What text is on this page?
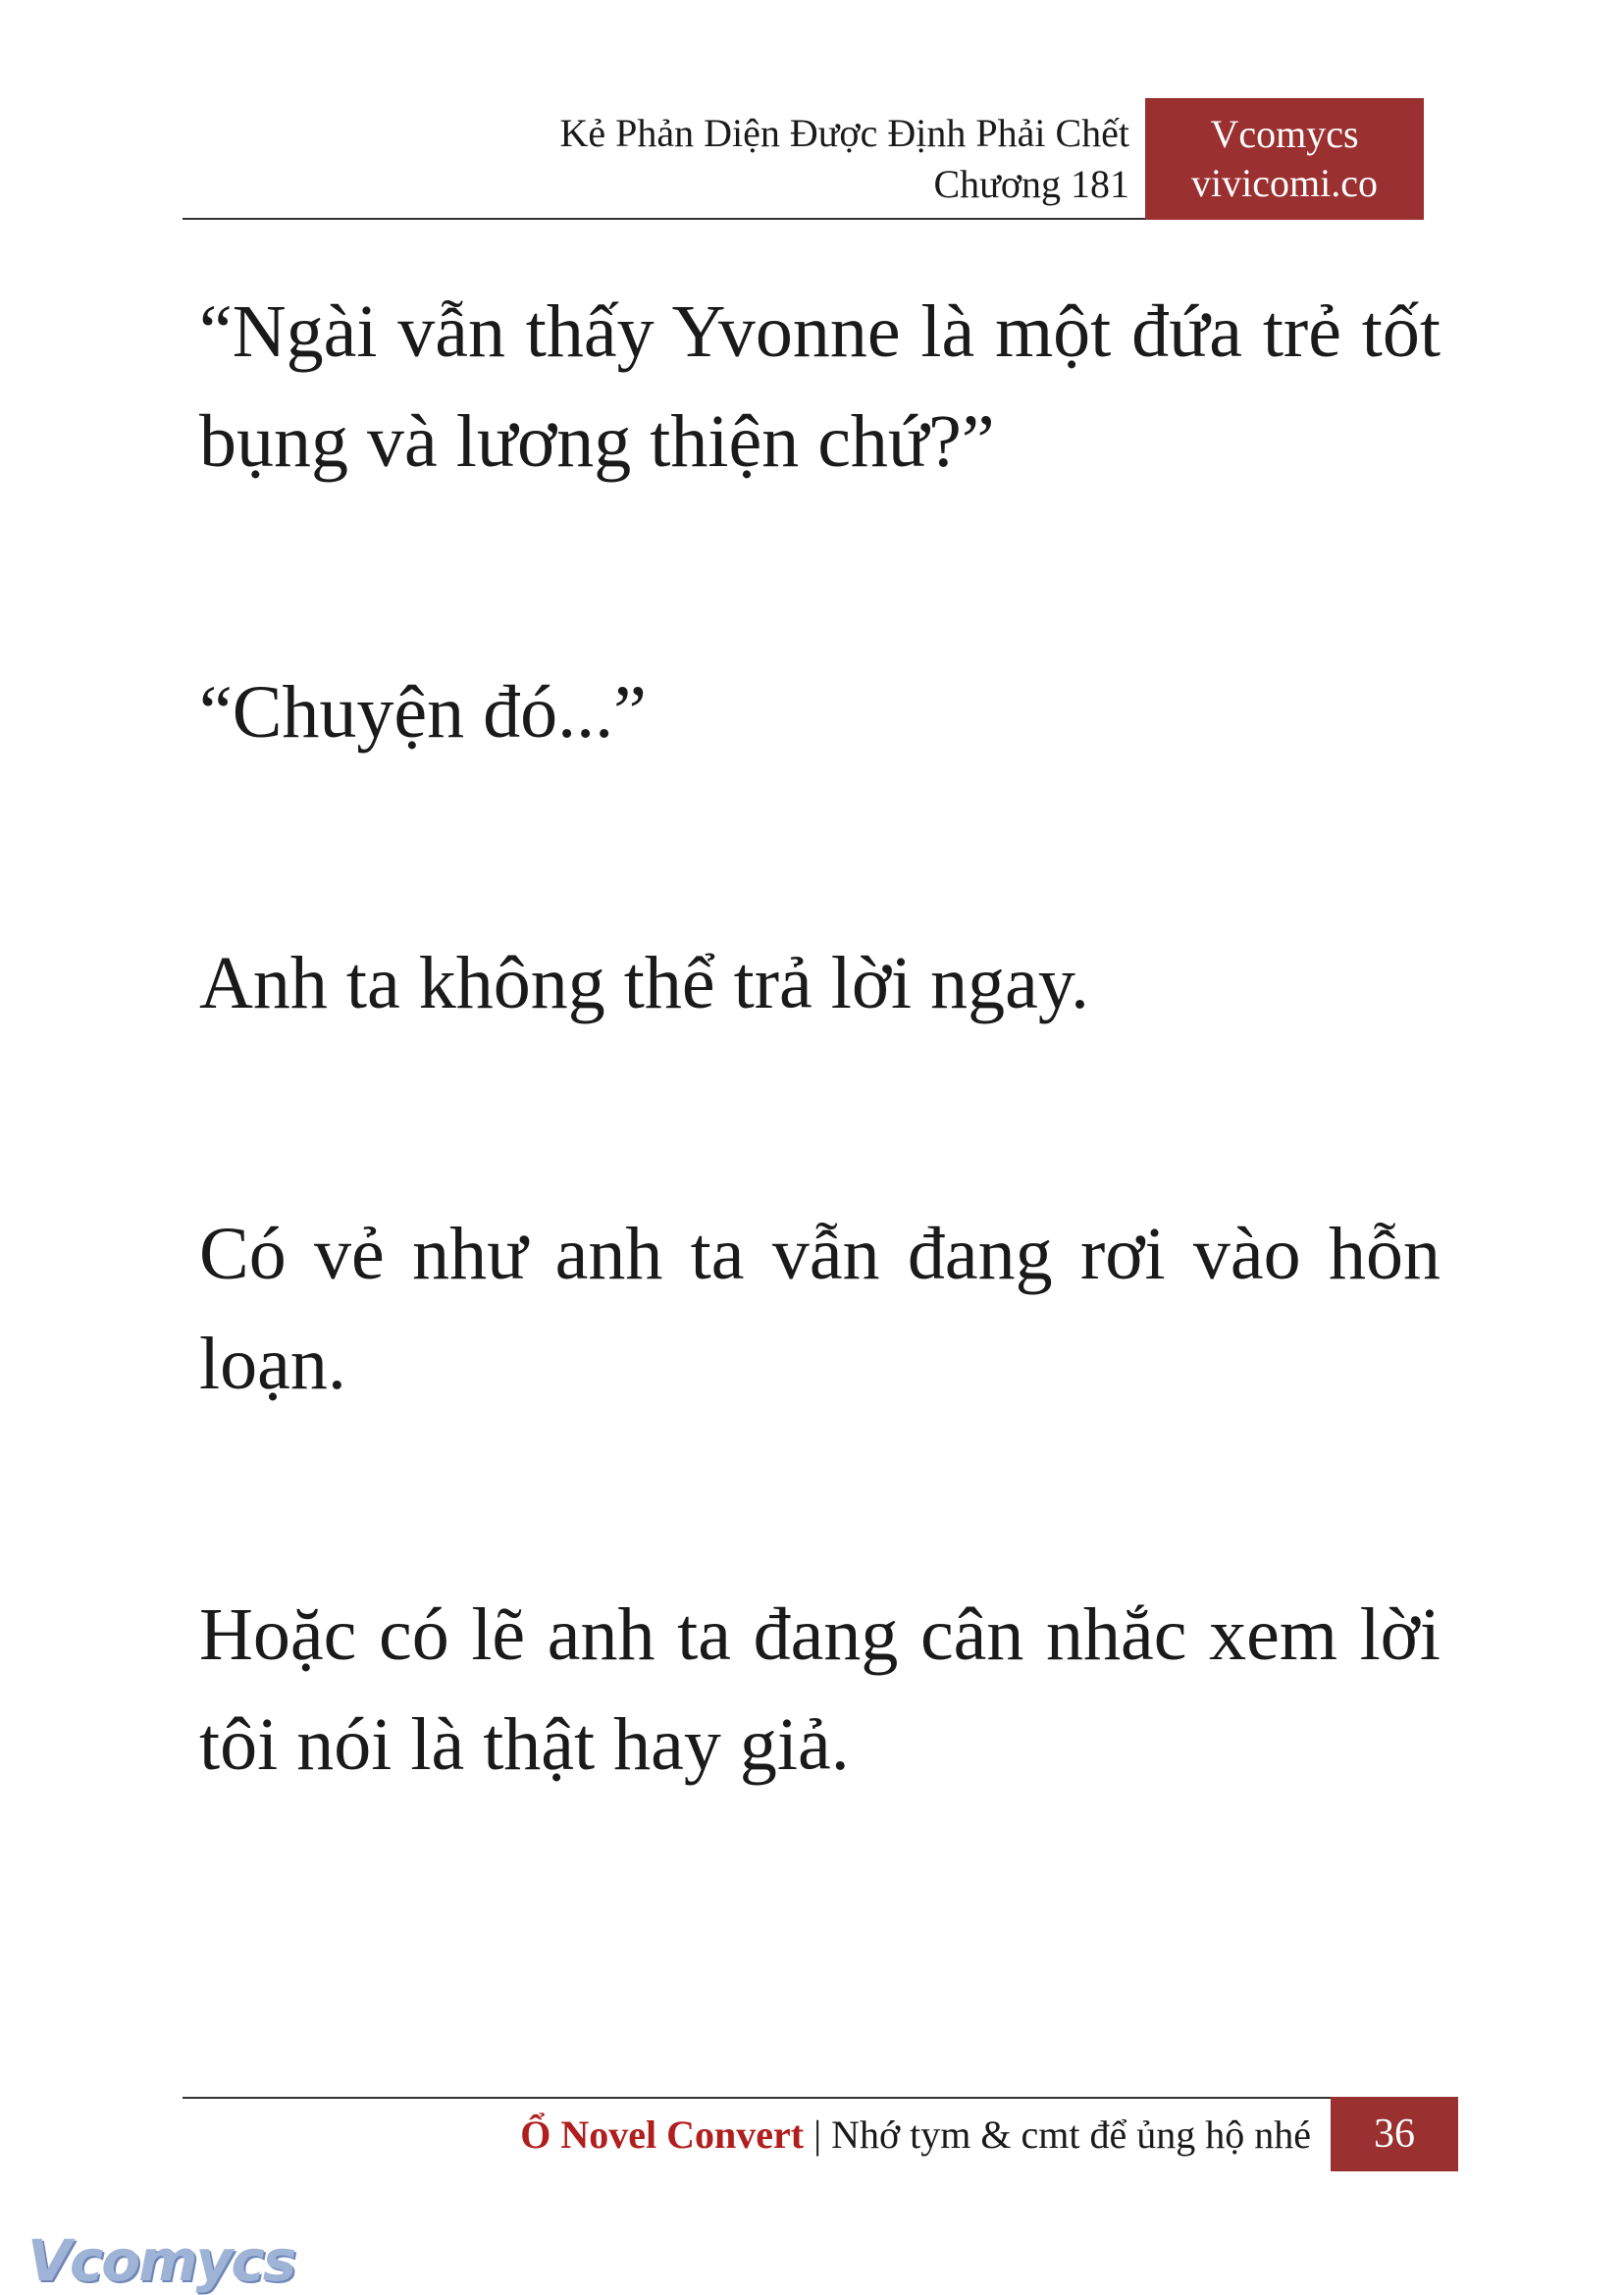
Kẻ Phản Diện Được Định Phải Chết
Chương 181
Vcomycs
vivicomi.co

“Ngài vẫn thấy Yvonne là một đứa trẻ tốt bụng và lương thiện chứ?”

“Chuyện đó...”

Anh ta không thể trả lời ngay.

Có vẻ như anh ta vẫn đang rơi vào hỗn loạn.

Hoặc có lẽ anh ta đang cân nhắc xem lời tôi nói là thật hay giả.

Ổ Novel Convert | Nhớ tym & cmt để ủng hộ nhé	36
Vcomycs
